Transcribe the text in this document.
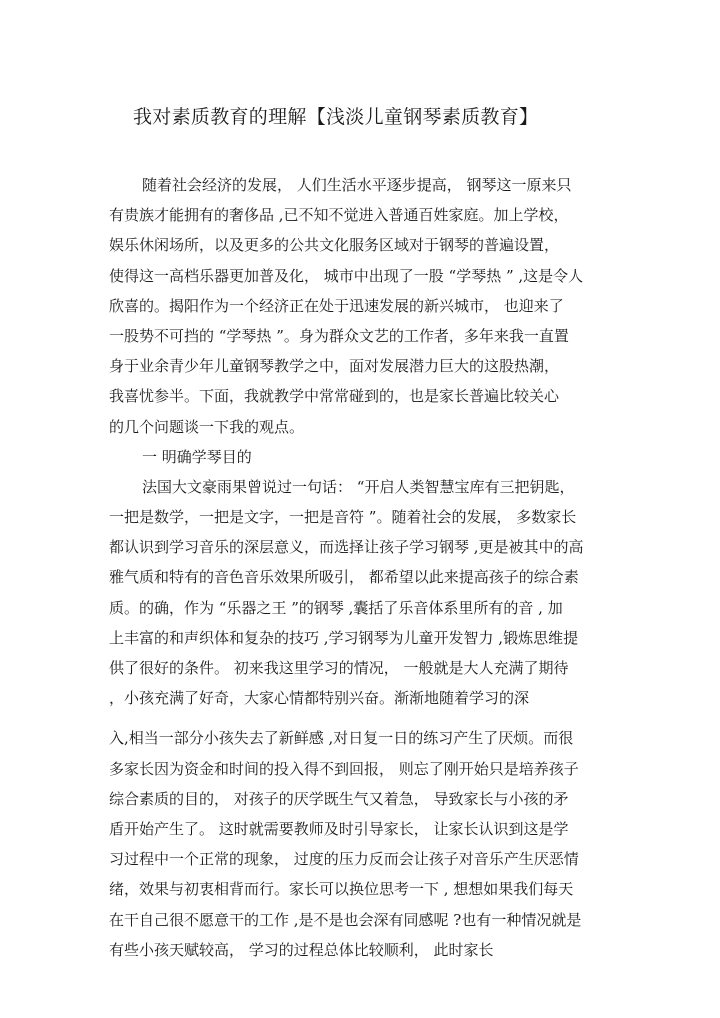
我对素质教育的理解【浅淡儿童钢琴素质教育】
随着社会经济的发展， 人们生活水平逐步提高， 钢琴这一原来只
有贵族才能拥有的奢侈品 ,已不知不觉进入普通百姓家庭。加上学校，
娱乐休闲场所，以及更多的公共文化服务区域对于钢琴的普遍设置，
使得这一高档乐器更加普及化， 城市中出现了一股 “学琴热 ” ,这是令人
欣喜的。揭阳作为一个经济正在处于迅速发展的新兴城市， 也迎来了
一股势不可挡的 “学琴热 ”。身为群众文艺的工作者，多年来我一直置
身于业余青少年儿童钢琴教学之中，面对发展潜力巨大的这股热潮，
我喜忧参半。下面，我就教学中常常碰到的，也是家长普遍比较关心
的几个问题谈一下我的观点。
一 明确学琴目的
法国大文豪雨果曾说过一句话： “开启人类智慧宝库有三把钥匙，
一把是数学，一把是文字，一把是音符 ”。随着社会的发展， 多数家长
都认识到学习音乐的深层意义，而选择让孩子学习钢琴 ,更是被其中的高
雅气质和特有的音色音乐效果所吸引， 都希望以此来提高孩子的综合素
质。的确，作为 “乐器之王 ”的钢琴 ,囊括了乐音体系里所有的音 , 加
上丰富的和声织体和复杂的技巧 ,学习钢琴为儿童开发智力 ,锻炼思维提
供了很好的条件。 初来我这里学习的情况， 一般就是大人充满了期待
，小孩充满了好奇，大家心情都特别兴奋。渐渐地随着学习的深
入,相当一部分小孩失去了新鲜感 ,对日复一日的练习产生了厌烦。而很
多家长因为资金和时间的投入得不到回报， 则忘了刚开始只是培养孩子
综合素质的目的， 对孩子的厌学既生气又着急， 导致家长与小孩的矛
盾开始产生了。 这时就需要教师及时引导家长， 让家长认识到这是学
习过程中一个正常的现象， 过度的压力反而会让孩子对音乐产生厌恶情
绪，效果与初衷相背而行。家长可以换位思考一下 , 想想如果我们每天
在干自己很不愿意干的工作 ,是不是也会深有同感呢 ?也有一种情况就是
有些小孩天赋较高， 学习的过程总体比较顺利， 此时家长
